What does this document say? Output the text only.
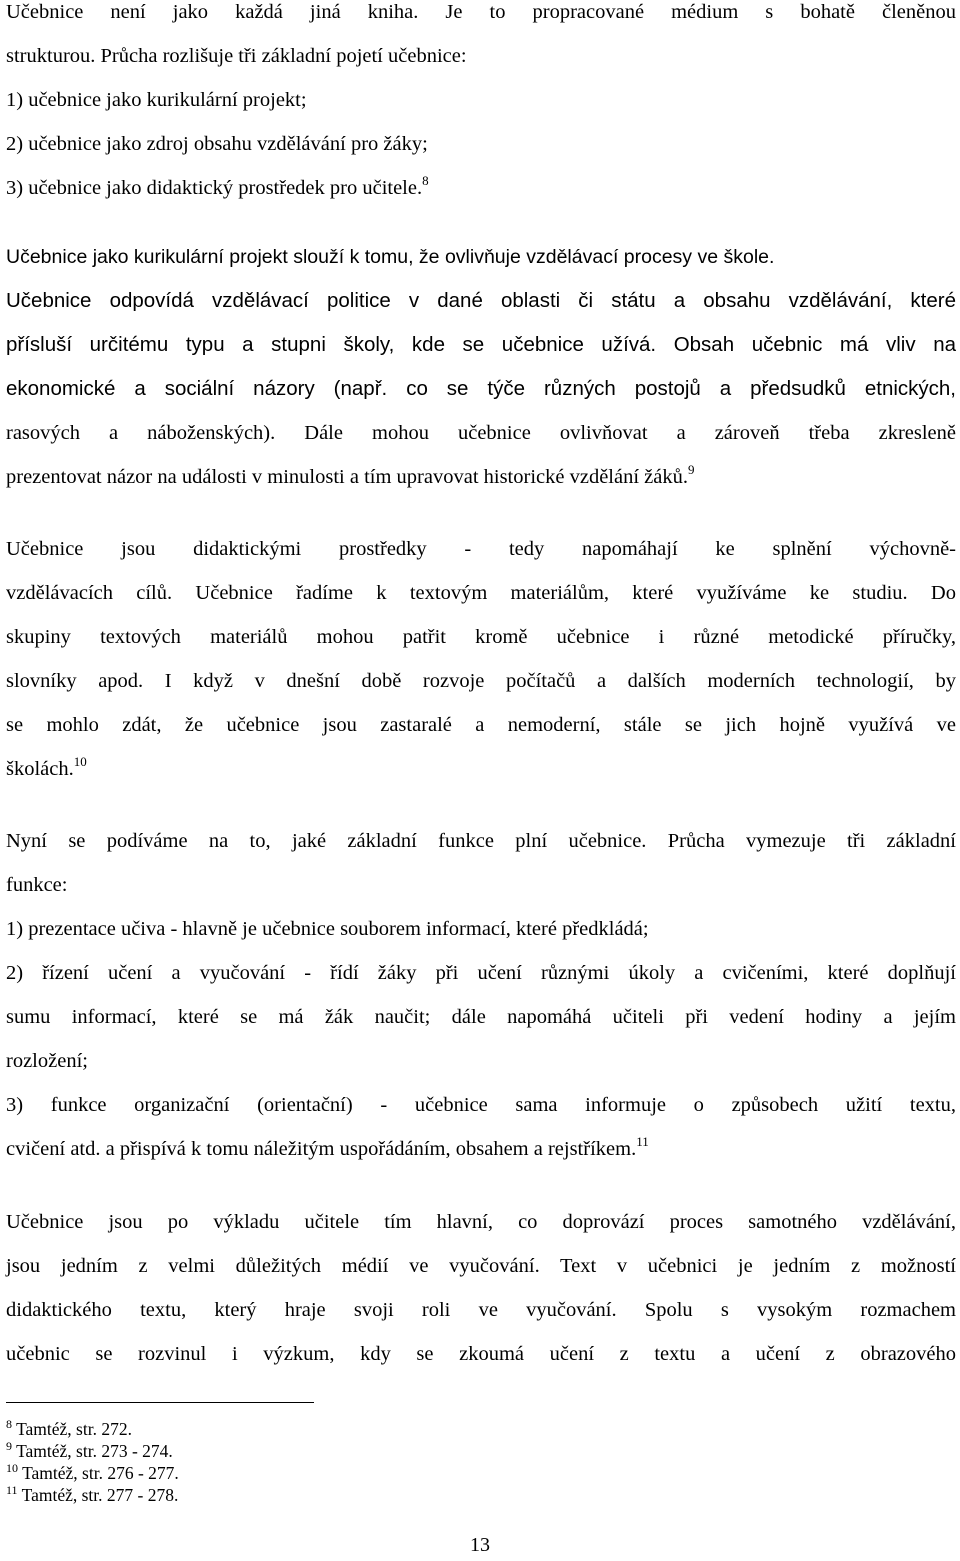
Učebnice není jako každá jiná kniha. Je to propracované médium s bohatě členěnou
strukturou. Průcha rozlišuje tři základní pojetí učebnice:
1) učebnice jako kurikulární projekt;
2) učebnice jako zdroj obsahu vzdělávání pro žáky;
3) učebnice jako didaktický prostředek pro učitele.$^8$
Učebnice jako kurikulární projekt slouží k tomu, že ovlivňuje vzdělávací procesy ve škole.
Učebnice odpovídá vzdělávací politice v dané oblasti či státu a obsahu vzdělávání, které
přísluší určitému typu a stupni školy, kde se učebnice užívá. Obsah učebnic má vliv na
ekonomické a sociální názory (např. co se týče různých postojů a předsudků etnických,
rasových a náboženských). Dále mohou učebnice ovlivňovat a zároveň třeba zkresleně
prezentovat názor na události v minulosti a tím upravovat historické vzdělání žáků.$^9$
Učebnice jsou didaktickými prostředky - tedy napomáhají ke splnění výchovně-
vzdělávacích cílů. Učebnice řadíme k textovým materiálům, které využíváme ke studiu. Do
skupiny textových materiálů mohou patřit kromě učebnice i různé metodické příručky,
slovníky apod. I když v dnešní době rozvoje počítačů a dalších moderních technologií, by
se mohlo zdát, že učebnice jsou zastaralé a nemoderní, stále se jich hojně využívá ve
školách.$^{10}$
Nyní se podíváme na to, jaké základní funkce plní učebnice. Průcha vymezuje tři základní
funkce:
1) prezentace učiva - hlavně je učebnice souborem informací, které předkládá;
2) řízení učení a vyučování - řídí žáky při učení různými úkoly a cvičeními, které doplňují
sumu informací, které se má žák naučit; dále napomáhá učiteli při vedení hodiny a jejím
rozložení;
3) funkce organizační (orientační) - učebnice sama informuje o způsobech užití textu,
cvičení atd. a přispívá k tomu náležitým uspořádáním, obsahem a rejstříkem.$^{11}$
Učebnice jsou po výkladu učitele tím hlavní, co doprovází proces samotného vzdělávání,
jsou jedním z velmi důležitých médií ve vyučování. Text v učebnici je jedním z možností
didaktického textu, který hraje svoji roli ve vyučování. Spolu s vysokým rozmachem
učebnic se rozvinul i výzkum, kdy se zkoumá učení z textu a učení z obrazového
$^8$ Tamtéž, str. 272.
$^9$ Tamtéž, str. 273 - 274.
$^{10}$ Tamtéž, str. 276 - 277.
$^{11}$ Tamtéž, str. 277 - 278.
13
